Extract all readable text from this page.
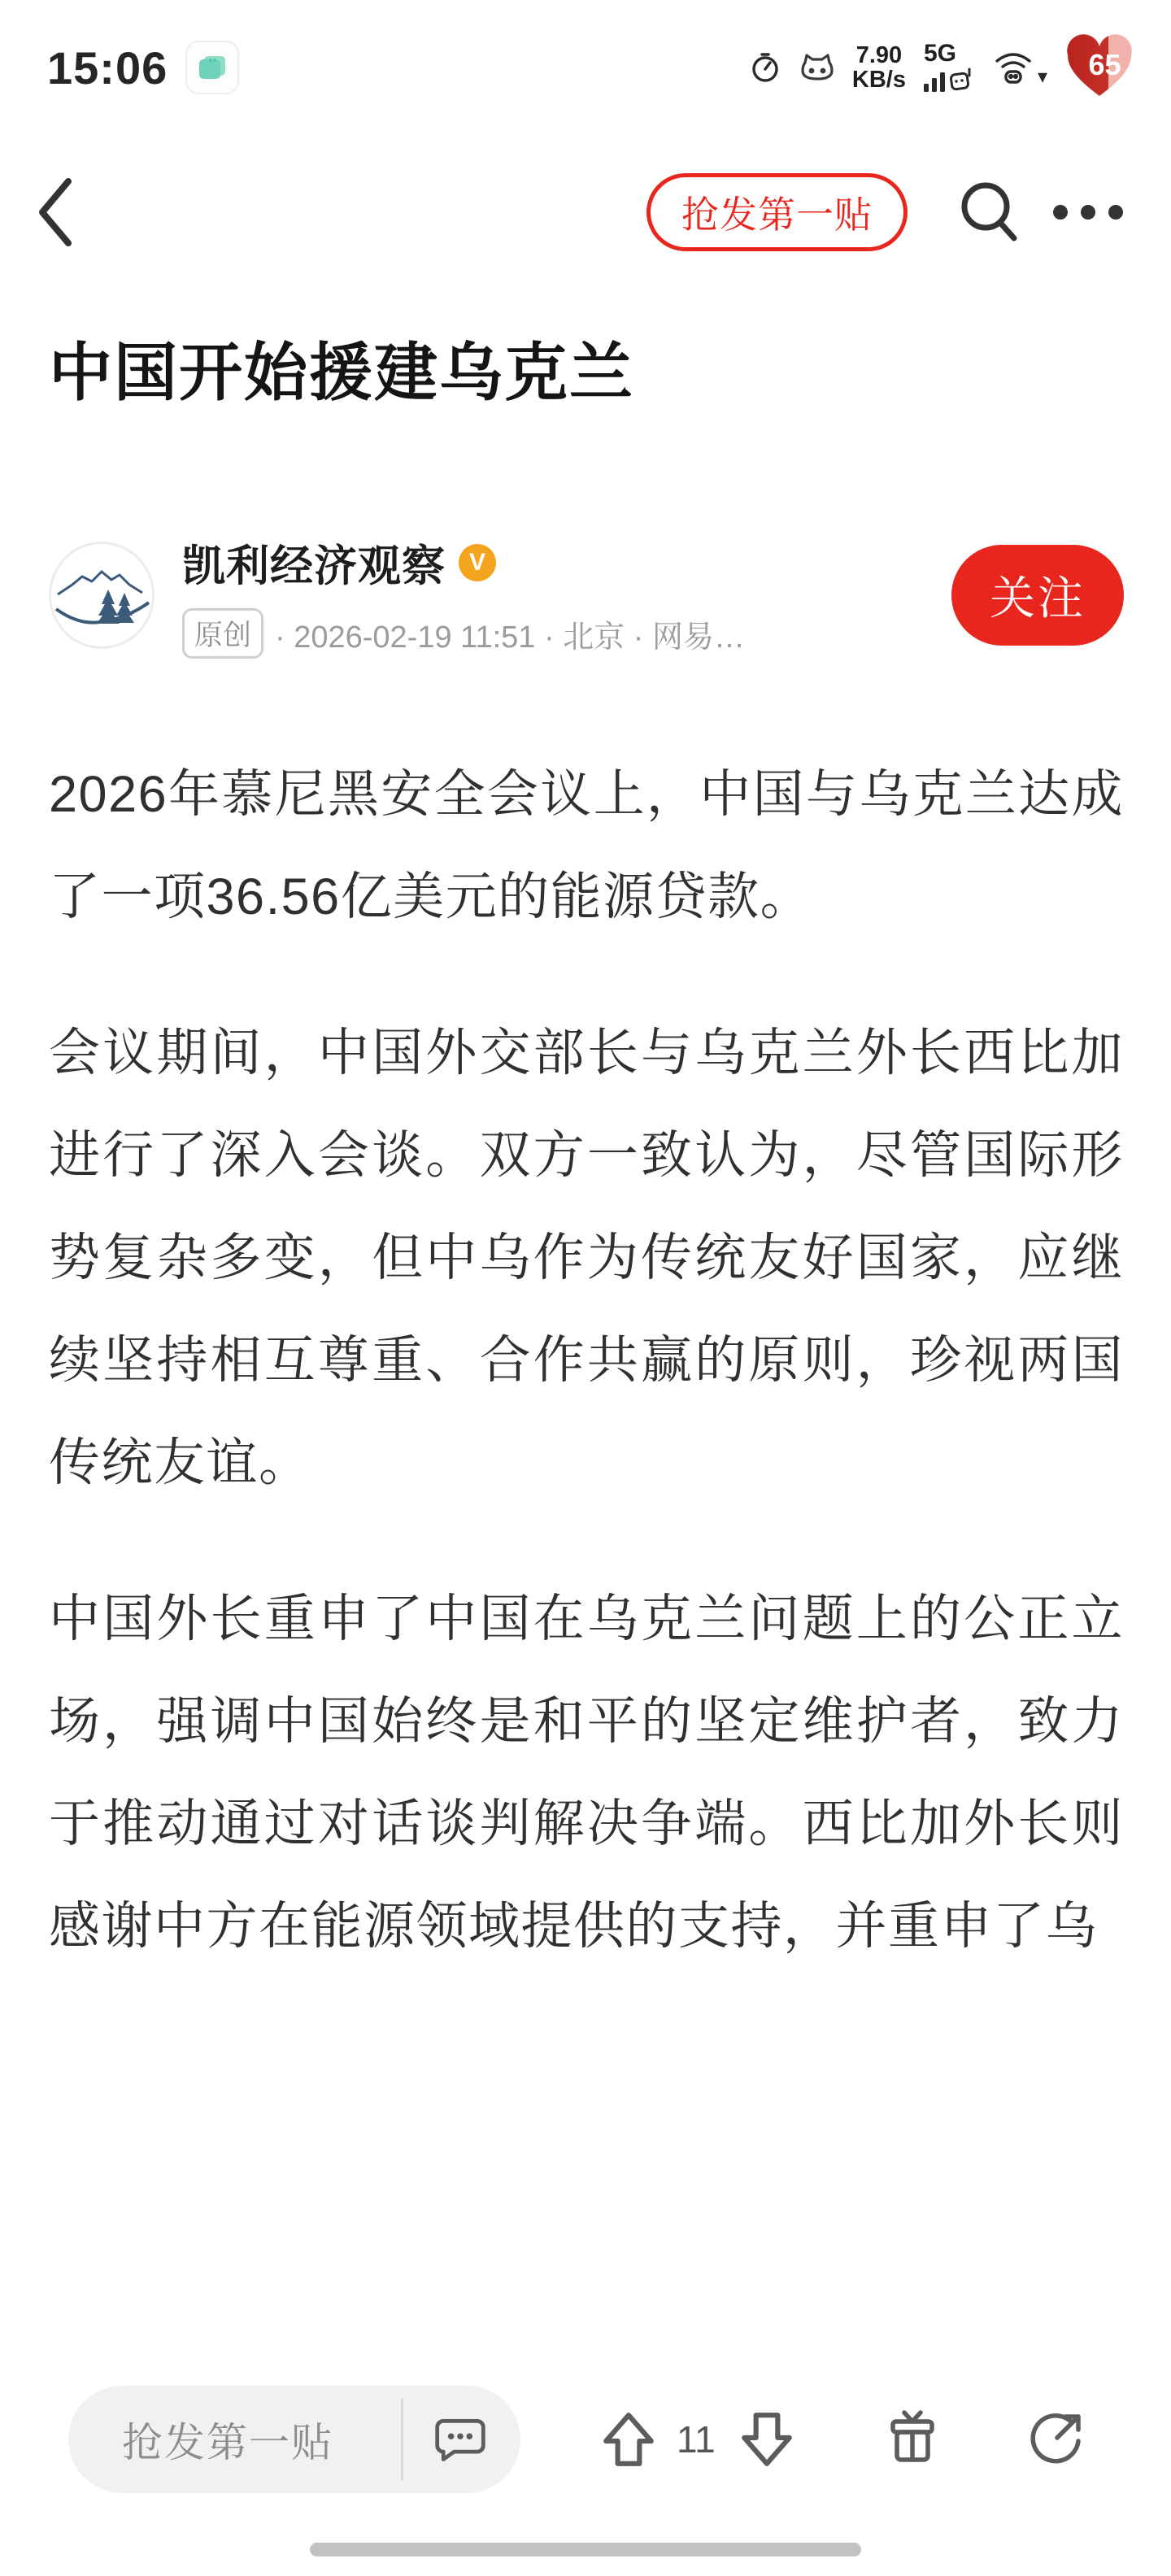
15:06	7.90
KB/s
5G
▾ 65
抢发第一贴
中国开始援建乌克兰
凯利经济观察 V
原创 · 2026-02-19 11:51 · 北京 · 网易…
关注

2026年慕尼黑安全会议上，中国与乌克兰达成了一项36.56亿美元的能源贷款。

会议期间，中国外交部长与乌克兰外长西比加进行了深入会谈。双方一致认为，尽管国际形势复杂多变，但中乌作为传统友好国家，应继续坚持相互尊重、合作共赢的原则，珍视两国传统友谊。

中国外长重申了中国在乌克兰问题上的公正立场，强调中国始终是和平的坚定维护者，致力于推动通过对话谈判解决争端。西比加外长则感谢中方在能源领域提供的支持，并重申了乌

抢发第一贴	11
